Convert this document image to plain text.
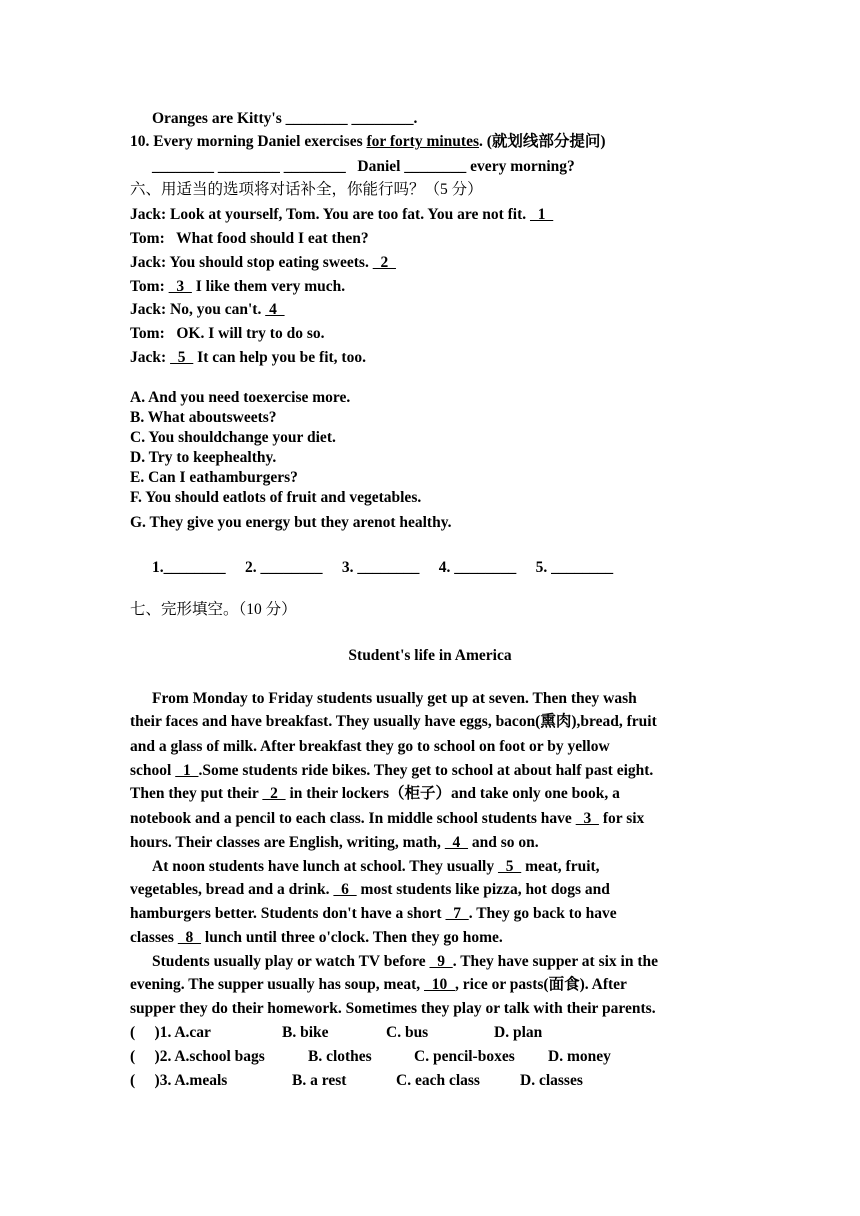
Oranges are Kitty's ________ ________.
10. Every morning Daniel exercises for forty minutes. (就划线部分提问)
________ ________ ________   Daniel ________ every morning?
六、用适当的选项将对话补全，你能行吗？（5 分）
Jack: Look at yourself, Tom. You are too fat. You are not fit.   1
Tom:   What food should I eat then?
Jack: You should stop eating sweets.   2
Tom:   3   I like them very much.
Jack: No, you can't.  4
Tom:   OK. I will try to do so.
Jack:   5   It can help you be fit, too.
A. And you need toexercise more.
B. What aboutsweets?
C. You shouldchange your diet.
D. Try to keephealthy.
E. Can I eathamburgers?
F. You should eatlots of fruit and vegetables.
G. They give you energy but they arenot healthy.
1.________     2. ________     3. ________     4. ________     5. ________
七、完形填空。（10 分）
Student's life in America
From Monday to Friday students usually get up at seven. Then they wash
their faces and have breakfast. They usually have eggs, bacon(熏肉),bread, fruit
and a glass of milk. After breakfast they go to school on foot or by yellow
school   1  .Some students ride bikes. They get to school at about half past eight.
Then they put their   2   in their lockers（柜子）and take only one book, a
notebook and a pencil to each class. In middle school students have   3   for six
hours. Their classes are English, writing, math,   4   and so on.
At noon students have lunch at school. They usually   5   meat, fruit,
vegetables, bread and a drink.   6   most students like pizza, hot dogs and
hamburgers better. Students don't have a short   7  . They go back to have
classes   8   lunch until three o'clock. Then they go home.
Students usually play or watch TV before   9  . They have supper at six in the
evening. The supper usually has soup, meat,   10  , rice or pasts(面食). After
supper they do their homework. Sometimes they play or talk with their parents.
(     )1. A.car	B. bike	C. bus	D. plan
(     )2. A.school bags	B. clothes	C. pencil-boxes D. money
(     )3. A.meals	B. a rest	C. each class	D. classes
